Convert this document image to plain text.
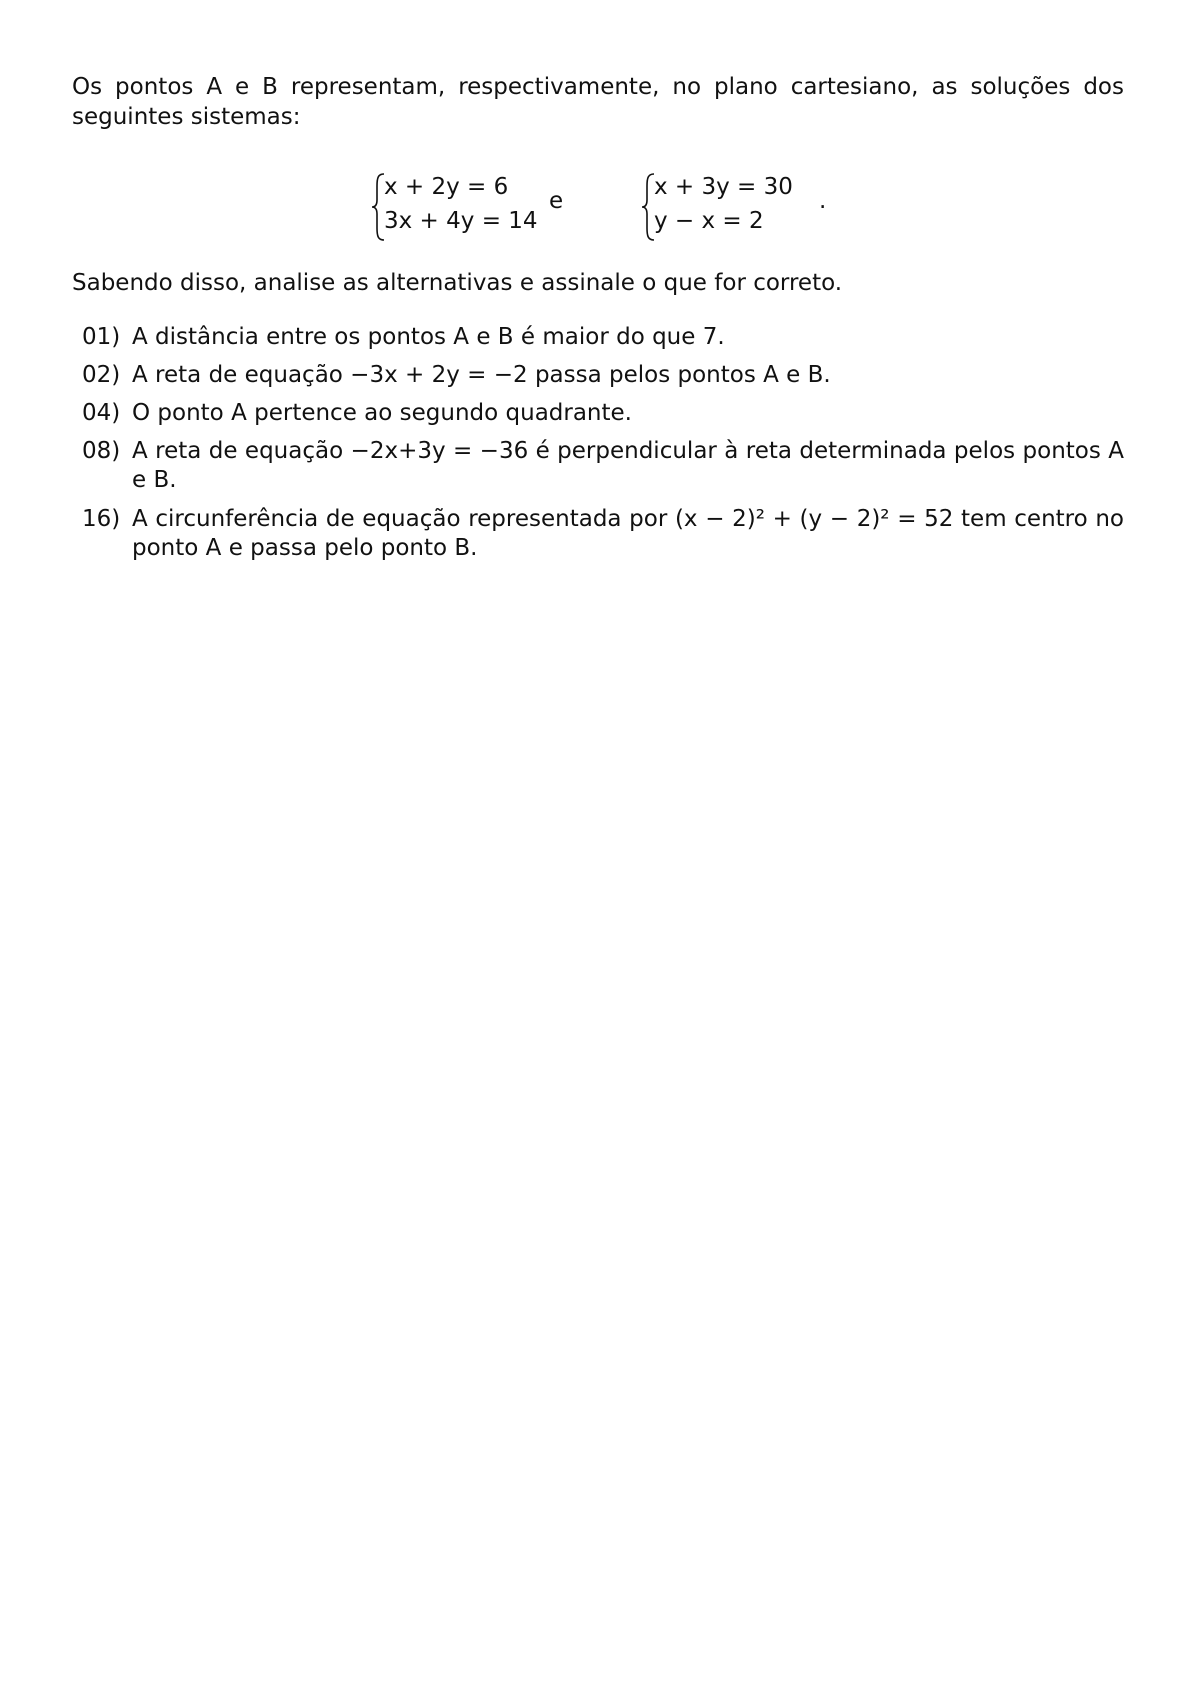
Os pontos A e B representam, respectivamente, no plano cartesiano, as soluções dos seguintes sistemas:

x + 2y = 6
3x + 4y = 14
e
x + 3y = 30
y − x = 2
.
Sabendo disso, analise as alternativas e assinale o que for correto.
01) A distância entre os pontos A e B é maior do que 7.
02) A reta de equação −3x + 2y = −2 passa pelos pontos A e B.
04) O ponto A pertence ao segundo quadrante.
08) A reta de equação −2x+3y = −36 é perpendicular à reta determinada pelos pontos A e B.
16) A circunferência de equação representada por (x − 2)² + (y − 2)² = 52 tem centro no ponto A e passa pelo ponto B.
